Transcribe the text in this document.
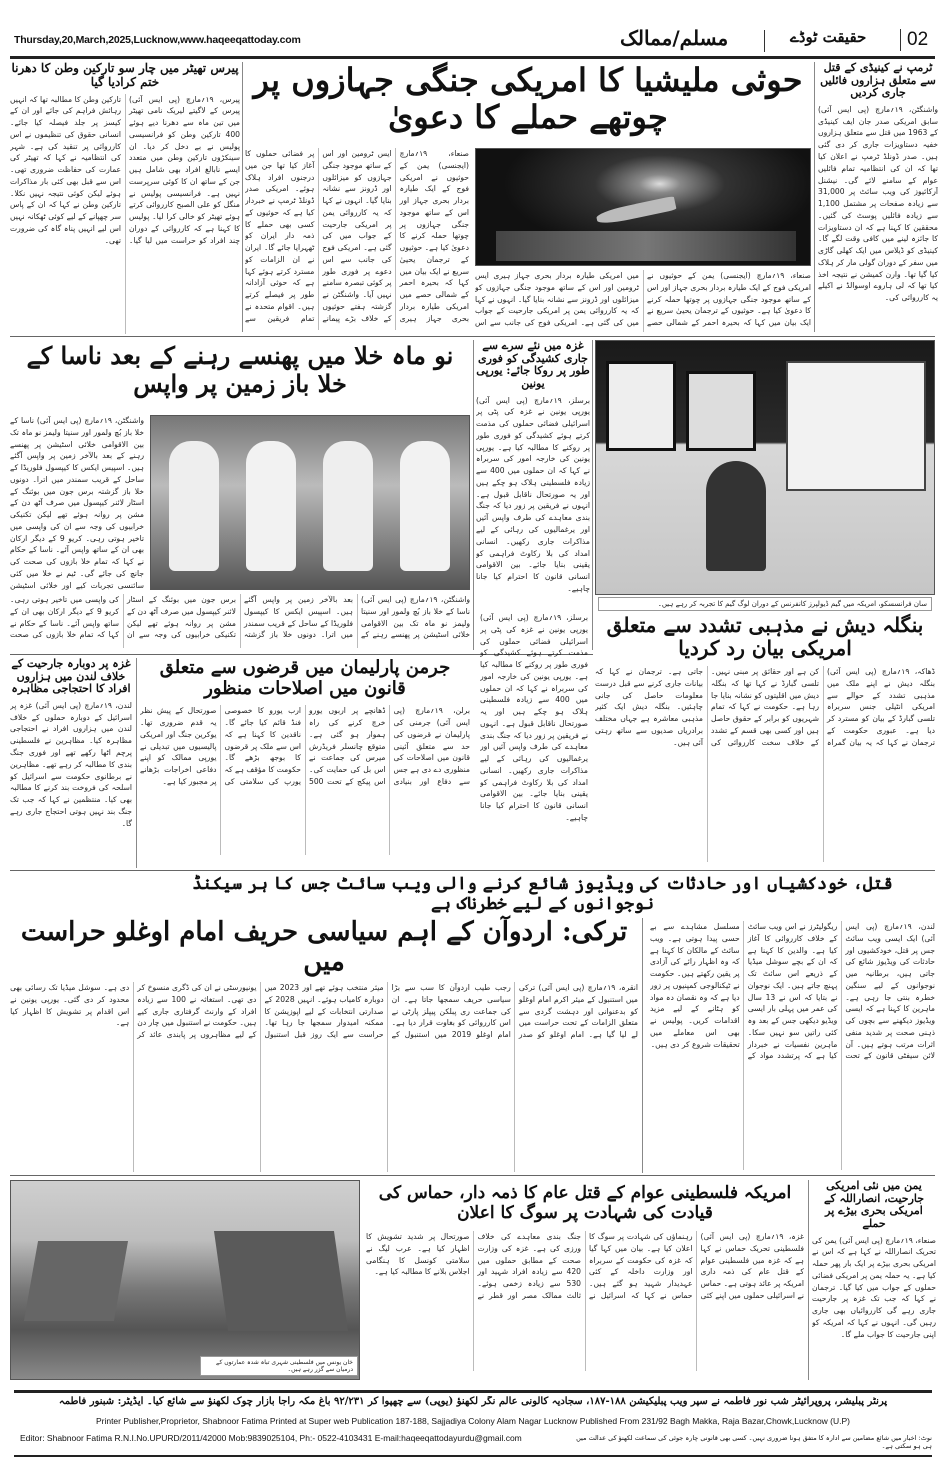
Thursday,20,March,2025,Lucknow,www.haqeeqattoday.com	مسلم/ممالک	حقیقت ٹوڈے	02
ٹرمپ نے کینیڈی کے قتل سے متعلق ہزاروں فائلیں جاری کردیں
واشنگٹن، ۱۹؍مارچ (پی ایس آئی) سابق امریکی صدر جان ایف کینیڈی کے 1963 میں قتل سے متعلق ہزاروں خفیہ دستاویزات جاری کر دی گئی ہیں۔ صدر ڈونلڈ ٹرمپ نے اعلان کیا تھا کہ ان کی انتظامیہ تمام فائلیں عوام کے سامنے لائے گی۔ نیشنل آرکائیوز کی ویب سائٹ پر 31,000 سے زیادہ صفحات پر مشتمل 1,100 سے زیادہ فائلیں پوسٹ کی گئیں۔ محققین کا کہنا ہے کہ ان دستاویزات کا جائزہ لینے میں کافی وقت لگے گا۔ کینیڈی کو ڈیلاس میں ایک کھلی گاڑی میں سفر کے دوران گولی مار کر ہلاک کیا گیا تھا۔ وارن کمیشن نے نتیجہ اخذ کیا تھا کہ لی ہاروے اوسوالڈ نے اکیلے یہ کارروائی کی۔
حوثی ملیشیا کا امریکی جنگی جہازوں پر چوتھے حملے کا دعویٰ
صنعاء، ۱۹؍مارچ (ایجنسی) یمن کے حوثیوں نے امریکی فوج کے ایک طیارہ بردار بحری جہاز اور اس کے ساتھ موجود جنگی جہازوں پر چوتھا حملہ کرنے کا دعویٰ کیا ہے۔ حوثیوں کے ترجمان یحییٰ سریع نے ایک بیان میں کہا کہ بحیرہ احمر کے شمالی حصے میں امریکی طیارہ بردار بحری جہاز ہیری ایس ٹرومین اور اس کے ساتھ موجود جنگی جہازوں کو میزائلوں اور ڈرونز سے نشانہ بنایا گیا۔ انہوں نے کہا کہ یہ کارروائی یمن پر امریکی جارحیت کے جواب میں کی گئی ہے۔ امریکی فوج کی جانب سے اس دعوے پر فوری طور پر کوئی تبصرہ سامنے نہیں آیا۔ واشنگٹن نے گزشتہ ہفتے حوثیوں کے خلاف بڑے پیمانے پر فضائی حملوں کا آغاز کیا تھا جن میں درجنوں افراد ہلاک ہوئے۔ امریکی صدر ڈونلڈ ٹرمپ نے خبردار کیا ہے کہ حوثیوں کے کسی بھی حملے کا ذمہ دار ایران کو ٹھہرایا جائے گا۔ ایران نے ان الزامات کو مسترد کرتے ہوئے کہا ہے کہ حوثی آزادانہ طور پر فیصلے کرتے ہیں۔ اقوام متحدہ نے تمام فریقین سے
صنعاء، ۱۹؍مارچ (ایجنسی) یمن کے حوثیوں نے امریکی فوج کے ایک طیارہ بردار بحری جہاز اور اس کے ساتھ موجود جنگی جہازوں پر چوتھا حملہ کرنے کا دعویٰ کیا ہے۔ حوثیوں کے ترجمان یحییٰ سریع نے ایک بیان میں کہا کہ بحیرہ احمر کے شمالی حصے میں امریکی طیارہ بردار بحری جہاز ہیری ایس ٹرومین اور اس کے ساتھ موجود جنگی جہازوں کو میزائلوں اور ڈرونز سے نشانہ بنایا گیا۔ انہوں نے کہا کہ یہ کارروائی یمن پر امریکی جارحیت کے جواب میں کی گئی ہے۔ امریکی فوج کی جانب سے اس
پیرس تھیٹر میں چار سو تارکین وطن کا دھرنا ختم کرادیا گیا
پیرس، ۱۹؍مارچ (پی ایس آئی) پیرس کے لاگیتے لیریک نامی تھیٹر میں تین ماہ سے دھرنا دیے ہوئے 400 تارکین وطن کو فرانسیسی پولیس نے بے دخل کر دیا۔ ان سینکڑوں تارکین وطن میں متعدد ایسے نابالغ افراد بھی شامل ہیں جن کے ساتھ ان کا کوئی سرپرست نہیں ہے۔ فرانسیسی پولیس نے منگل کو علی الصبح کارروائی کرتے ہوئے تھیٹر کو خالی کرا لیا۔ پولیس کا کہنا ہے کہ کارروائی کے دوران چند افراد کو حراست میں لیا گیا۔ تارکین وطن کا مطالبہ تھا کہ انہیں رہائش فراہم کی جائے اور ان کے کیسز پر جلد فیصلہ کیا جائے۔ انسانی حقوق کی تنظیموں نے اس کارروائی پر تنقید کی ہے۔ شہر کی انتظامیہ نے کہا کہ تھیٹر کی عمارت کی حفاظت ضروری تھی۔ اس سے قبل بھی کئی بار مذاکرات ہوئے لیکن کوئی نتیجہ نہیں نکلا۔ تارکین وطن نے کہا کہ ان کے پاس سر چھپانے کے لیے کوئی ٹھکانہ نہیں اس لیے انہیں پناہ گاہ کی ضرورت تھی۔
سان فرانسسکو، امریکہ میں گیم ڈیولپرز کانفرنس کے دوران لوگ گیم کا تجربہ کر رہے ہیں۔
غزہ میں نئے سرے سے جاری کشیدگی کو فوری طور پر روکا جائے: یورپی یونین
برسلز، ۱۹؍مارچ (پی ایس آئی) یورپی یونین نے غزہ کی پٹی پر اسرائیلی فضائی حملوں کی مذمت کرتے ہوئے کشیدگی کو فوری طور پر روکنے کا مطالبہ کیا ہے۔ یورپی یونین کی خارجہ امور کی سربراہ نے کہا کہ ان حملوں میں 400 سے زیادہ فلسطینی ہلاک ہو چکے ہیں اور یہ صورتحال ناقابل قبول ہے۔ انہوں نے فریقین پر زور دیا کہ جنگ بندی معاہدے کی طرف واپس آئیں اور یرغمالیوں کی رہائی کے لیے مذاکرات جاری رکھیں۔ انسانی امداد کی بلا رکاوٹ فراہمی کو یقینی بنایا جائے۔ بین الاقوامی انسانی قانون کا احترام کیا جانا چاہیے۔
نو ماہ خلا میں پھنسے رہنے کے بعد ناسا کے خلا باز زمین پر واپس
واشنگٹن، ۱۹؍مارچ (پی ایس آئی) ناسا کے خلا باز بُچ ولمور اور سنیتا ولیمز نو ماہ تک بین الاقوامی خلائی اسٹیشن پر پھنسے رہنے کے بعد بالآخر زمین پر واپس آگئے ہیں۔ اسپیس ایکس کا کیپسول فلوریڈا کے ساحل کے قریب سمندر میں اترا۔ دونوں خلا باز گزشتہ برس جون میں بوئنگ کے اسٹار لائنر کیپسول میں صرف آٹھ دن کے مشن پر روانہ ہوئے تھے لیکن تکنیکی خرابیوں کی وجہ سے ان کی واپسی میں تاخیر ہوتی رہی۔ کریو 9 کے دیگر ارکان بھی ان کے ساتھ واپس آئے۔ ناسا کے حکام نے کہا کہ تمام خلا بازوں کی صحت کی جانچ کی جائے گی۔ ٹیم نے خلا میں کئی سائنسی تجربات کیے اور خلائی اسٹیشن
واشنگٹن، ۱۹؍مارچ (پی ایس آئی) ناسا کے خلا باز بُچ ولمور اور سنیتا ولیمز نو ماہ تک بین الاقوامی خلائی اسٹیشن پر پھنسے رہنے کے بعد بالآخر زمین پر واپس آگئے ہیں۔ اسپیس ایکس کا کیپسول فلوریڈا کے ساحل کے قریب سمندر میں اترا۔ دونوں خلا باز گزشتہ برس جون میں بوئنگ کے اسٹار لائنر کیپسول میں صرف آٹھ دن کے مشن پر روانہ ہوئے تھے لیکن تکنیکی خرابیوں کی وجہ سے ان کی واپسی میں تاخیر ہوتی رہی۔ کریو 9 کے دیگر ارکان بھی ان کے ساتھ واپس آئے۔ ناسا کے حکام نے کہا کہ تمام خلا بازوں کی صحت	بنگلہ دیش نے مذہبی تشدد سے متعلق امریکی بیان رد کردیا
ڈھاکہ، ۱۹؍مارچ (پی ایس آئی) بنگلہ دیش نے اپنے ملک میں مذہبی تشدد کے حوالے سے امریکی انٹیلی جنس سربراہ تلسی گبارڈ کے بیان کو مسترد کر دیا ہے۔ عبوری حکومت کے ترجمان نے کہا کہ یہ بیان گمراہ کن ہے اور حقائق پر مبنی نہیں۔ تلسی گبارڈ نے کہا تھا کہ بنگلہ دیش میں اقلیتوں کو نشانہ بنایا جا رہا ہے۔ حکومت نے کہا کہ تمام شہریوں کو برابر کے حقوق حاصل ہیں اور کسی بھی قسم کے تشدد کے خلاف سخت کارروائی کی جاتی ہے۔ ترجمان نے کہا کہ بیانات جاری کرنے سے قبل درست معلومات حاصل کی جانی چاہئیں۔ بنگلہ دیش ایک کثیر مذہبی معاشرہ ہے جہاں مختلف برادریاں صدیوں سے ساتھ رہتی آئی ہیں۔
برسلز، ۱۹؍مارچ (پی ایس آئی) یورپی یونین نے غزہ کی پٹی پر اسرائیلی فضائی حملوں کی مذمت کرتے ہوئے کشیدگی کو فوری طور پر روکنے کا مطالبہ کیا ہے۔ یورپی یونین کی خارجہ امور کی سربراہ نے کہا کہ ان حملوں میں 400 سے زیادہ فلسطینی ہلاک ہو چکے ہیں اور یہ صورتحال ناقابل قبول ہے۔ انہوں نے فریقین پر زور دیا کہ جنگ بندی معاہدے کی طرف واپس آئیں اور یرغمالیوں کی رہائی کے لیے مذاکرات جاری رکھیں۔ انسانی امداد کی بلا رکاوٹ فراہمی کو یقینی بنایا جائے۔ بین الاقوامی انسانی قانون کا احترام کیا جانا چاہیے۔
جرمن پارلیمان میں قرضوں سے متعلق قانون میں اصلاحات منظور
برلن، ۱۹؍مارچ (پی ایس آئی) جرمنی کی پارلیمان نے قرضوں کی حد سے متعلق آئینی قانون میں اصلاحات کی منظوری دے دی ہے جس سے دفاع اور بنیادی ڈھانچے پر اربوں یورو خرچ کرنے کی راہ ہموار ہو گئی ہے۔ متوقع چانسلر فریڈرش میرس کی جماعت نے اس بل کی حمایت کی۔ اس پیکج کے تحت 500 ارب یورو کا خصوصی فنڈ قائم کیا جائے گا۔ ناقدین کا کہنا ہے کہ اس سے ملک پر قرضوں کا بوجھ بڑھے گا۔ حکومت کا مؤقف ہے کہ یورپ کی سلامتی کی صورتحال کے پیش نظر یہ قدم ضروری تھا۔ یوکرین جنگ اور امریکی پالیسیوں میں تبدیلی نے یورپی ممالک کو اپنے دفاعی اخراجات بڑھانے پر مجبور کیا ہے۔
غزہ پر دوبارہ جارحیت کے خلاف لندن میں ہزاروں افراد کا احتجاجی مظاہرہ
لندن، ۱۹؍مارچ (پی ایس آئی) غزہ پر اسرائیل کے دوبارہ حملوں کے خلاف لندن میں ہزاروں افراد نے احتجاجی مظاہرہ کیا۔ مظاہرین نے فلسطینی پرچم اٹھا رکھے تھے اور فوری جنگ بندی کا مطالبہ کر رہے تھے۔ مظاہرین نے برطانوی حکومت سے اسرائیل کو اسلحہ کی فروخت بند کرنے کا مطالبہ بھی کیا۔ منتظمین نے کہا کہ جب تک جنگ بند نہیں ہوتی احتجاج جاری رہے گا۔
قتل، خودکشیاں اور حادثات کی ویڈیوز شائع کرنے والی ویب سائٹ جس کا ہر سیکنڈ نوجوانوں کے لیے خطرناک ہے
لندن، ۱۹؍مارچ (پی ایس آئی) ایک ایسی ویب سائٹ جس پر قتل، خودکشیوں اور حادثات کی ویڈیوز شائع کی جاتی ہیں، برطانیہ میں نوجوانوں کے لیے سنگین خطرہ بنتی جا رہی ہے۔ ماہرین کا کہنا ہے کہ ایسی ویڈیوز دیکھنے سے بچوں کی ذہنی صحت پر شدید منفی اثرات مرتب ہوتے ہیں۔ آن لائن سیفٹی قانون کے تحت ریگولیٹرز نے اس ویب سائٹ کے خلاف کارروائی کا آغاز کیا ہے۔ والدین کا کہنا ہے کہ ان کے بچے سوشل میڈیا کے ذریعے اس سائٹ تک پہنچ جاتے ہیں۔ ایک نوجوان نے بتایا کہ اس نے 13 سال کی عمر میں پہلی بار ایسی ویڈیو دیکھی جس کے بعد وہ کئی راتیں سو نہیں سکا۔ ماہرین نفسیات نے خبردار کیا ہے کہ پرتشدد مواد کے مسلسل مشاہدے سے بے حسی پیدا ہوتی ہے۔ ویب سائٹ کے مالکان کا کہنا ہے کہ وہ اظہار رائے کی آزادی پر یقین رکھتے ہیں۔ حکومت نے ٹیکنالوجی کمپنیوں پر زور دیا ہے کہ وہ نقصان دہ مواد کو ہٹانے کے لیے مزید اقدامات کریں۔ پولیس نے بھی اس معاملے میں تحقیقات شروع کر دی ہیں۔
ترکی: اردوآن کے اہم سیاسی حریف امام اوغلو حراست میں
انقرہ، ۱۹؍مارچ (پی ایس آئی) ترکی میں استنبول کے میئر اکرم امام اوغلو کو بدعنوانی اور دہشت گردی سے متعلق الزامات کے تحت حراست میں لے لیا گیا ہے۔ امام اوغلو کو صدر رجب طیب اردوآن کا سب سے بڑا سیاسی حریف سمجھا جاتا ہے۔ ان کی جماعت ری پبلکن پیپلز پارٹی نے اس کارروائی کو بغاوت قرار دیا ہے۔ امام اوغلو 2019 میں استنبول کے میئر منتخب ہوئے تھے اور 2023 میں دوبارہ کامیاب ہوئے۔ انہیں 2028 کے صدارتی انتخابات کے لیے اپوزیشن کا ممکنہ امیدوار سمجھا جا رہا تھا۔ حراست سے ایک روز قبل استنبول یونیورسٹی نے ان کی ڈگری منسوخ کر دی تھی۔ استغاثہ نے 100 سے زیادہ افراد کے وارنٹ گرفتاری جاری کیے ہیں۔ حکومت نے استنبول میں چار دن کے لیے مظاہروں پر پابندی عائد کر دی ہے۔ سوشل میڈیا تک رسائی بھی محدود کر دی گئی۔ یورپی یونین نے اس اقدام پر تشویش کا اظہار کیا ہے۔
خان یونس میں فلسطینی شہری تباہ شدہ عمارتوں کے درمیان سے گزر رہے ہیں۔
امریکہ فلسطینی عوام کے قتل عام کا ذمہ دار، حماس کی قیادت کی شہادت پر سوگ کا اعلان
غزہ، ۱۹؍مارچ (پی ایس آئی) فلسطینی تحریک حماس نے کہا ہے کہ غزہ میں فلسطینی عوام کے قتل عام کی ذمہ داری امریکہ پر عائد ہوتی ہے۔ حماس نے اسرائیلی حملوں میں اپنے کئی رہنماؤں کی شہادت پر سوگ کا اعلان کیا ہے۔ بیان میں کہا گیا کہ غزہ کی حکومت کے سربراہ اور وزارت داخلہ کے کئی عہدیدار شہید ہو گئے ہیں۔ حماس نے کہا کہ اسرائیل نے جنگ بندی معاہدے کی خلاف ورزی کی ہے۔ غزہ کی وزارت صحت کے مطابق حملوں میں 420 سے زیادہ افراد شہید اور 530 سے زیادہ زخمی ہوئے۔ ثالث ممالک مصر اور قطر نے صورتحال پر شدید تشویش کا اظہار کیا ہے۔ عرب لیگ نے سلامتی کونسل کا ہنگامی اجلاس بلانے کا مطالبہ کیا ہے۔
یمن میں نئی امریکی جارحیت، انصاراللہ کے امریکی بحری بیڑے پر حملے
صنعاء، ۱۹؍مارچ (پی ایس آئی) یمن کی تحریک انصاراللہ نے کہا ہے کہ اس نے امریکی بحری بیڑے پر ایک بار پھر حملہ کیا ہے۔ یہ حملہ یمن پر امریکی فضائی حملوں کے جواب میں کیا گیا۔ ترجمان نے کہا کہ جب تک غزہ پر جارحیت جاری رہے گی کارروائیاں بھی جاری رہیں گی۔ انہوں نے کہا کہ امریکہ کو اپنی جارحیت کا جواب ملے گا۔
پرنٹر پبلیشر، پروپرائیٹر شب نور فاطمہ نے سپر ویب پبلیکیشن ۱۸۸-۱۸۷، سجادیہ کالونی عالم نگر لکھنؤ (یوپی) سے چھپوا کر ۹۲/۲۳۱ باغ مکہ راجا بازار چوک لکھنؤ سے شائع کیا۔ ایڈیٹر: شبنور فاطمہ
Printer Publisher,Proprietor, Shabnoor Fatima Printed at Super web Publication 187-188, Sajjadiya Colony Alam Nagar Lucknow Published From 231/92 Bagh Makka, Raja Bazar,Chowk,Lucknow (U.P)
Editor: Shabnoor Fatima R.N.I.No.UPURD/2011/42000 Mob:9839025104, Ph:- 0522-4103431 E-mail:haqeeqattodayurdu@gmail.com	نوٹ: اخبار میں شائع مضامین سے ادارہ کا متفق ہونا ضروری نہیں۔ کسی بھی قانونی چارہ جوئی کی سماعت لکھنؤ کی عدالت میں ہی ہو سکتی ہے۔
